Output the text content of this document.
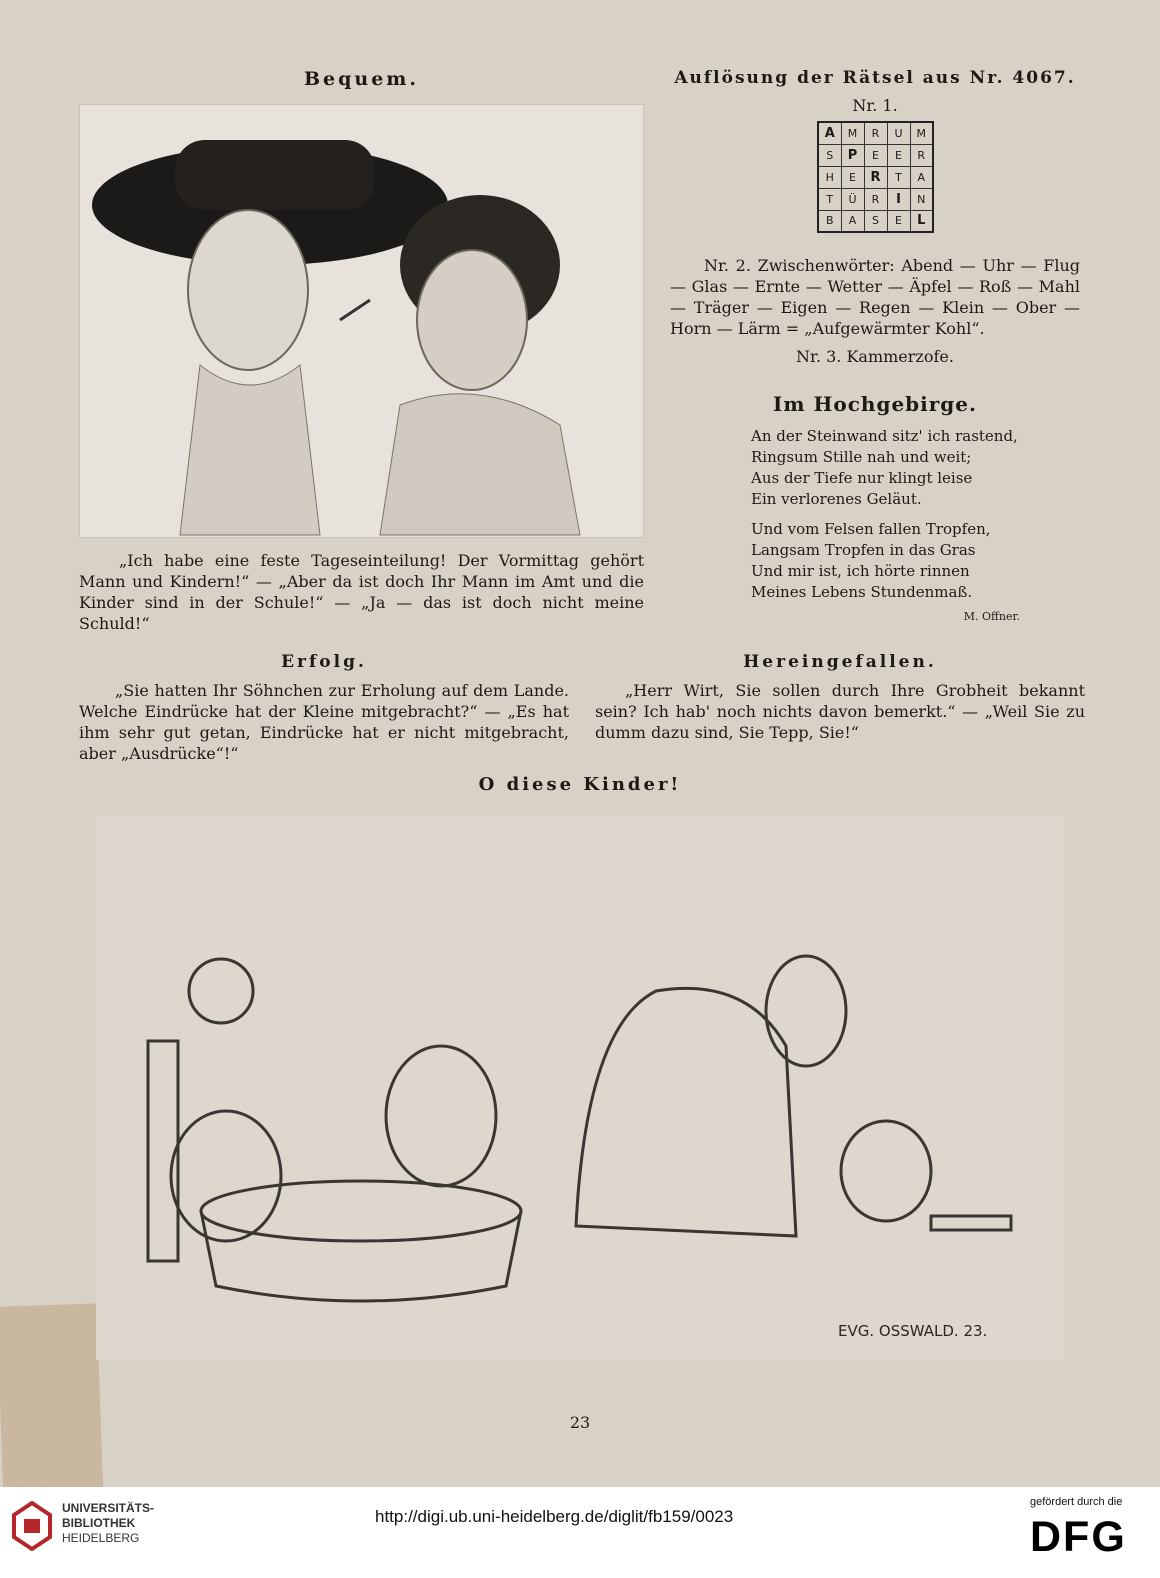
Bequem.
„Ich habe eine feste Tageseinteilung! Der Vormittag gehört Mann und Kindern!“ — „Aber da ist doch Ihr Mann im Amt und die Kinder sind in der Schule!“ — „Ja — das ist doch nicht meine Schuld!“
Auflösung der Rätsel aus Nr. 4067.
Nr. 1.
A	M	R	U	M
S	P	E	E	R
H	E	R	T	A
T	Ü	R	I	N
B	A	S	E	L
Nr. 2. Zwischenwörter: Abend — Uhr — Flug — Glas — Ernte — Wetter — Äpfel — Roß — Mahl — Träger — Eigen — Regen — Klein — Ober — Horn — Lärm = „Aufgewärmter Kohl“.
Nr. 3. Kammerzofe.
Im Hochgebirge.
An der Steinwand sitz' ich rastend,
Ringsum Stille nah und weit;
Aus der Tiefe nur klingt leise
Ein verlorenes Geläut.
Und vom Felsen fallen Tropfen,
Langsam Tropfen in das Gras
Und mir ist, ich hörte rinnen
Meines Lebens Stundenmaß.
M. Offner.
Erfolg.
„Sie hatten Ihr Söhnchen zur Erholung auf dem Lande. Welche Eindrücke hat der Kleine mitgebracht?“ — „Es hat ihm sehr gut getan, Eindrücke hat er nicht mitgebracht, aber „Ausdrücke“!“
Hereingefallen.
„Herr Wirt, Sie sollen durch Ihre Grobheit bekannt sein? Ich hab' noch nichts davon bemerkt.“ — „Weil Sie zu dumm dazu sind, Sie Tepp, Sie!“
O diese Kinder!
EVG. OSSWALD. 23.
23
UNIVERSITÄTS-
BIBLIOTHEK
HEIDELBERG
http://digi.ub.uni-heidelberg.de/diglit/fb159/0023
gefördert durch die
DFG
